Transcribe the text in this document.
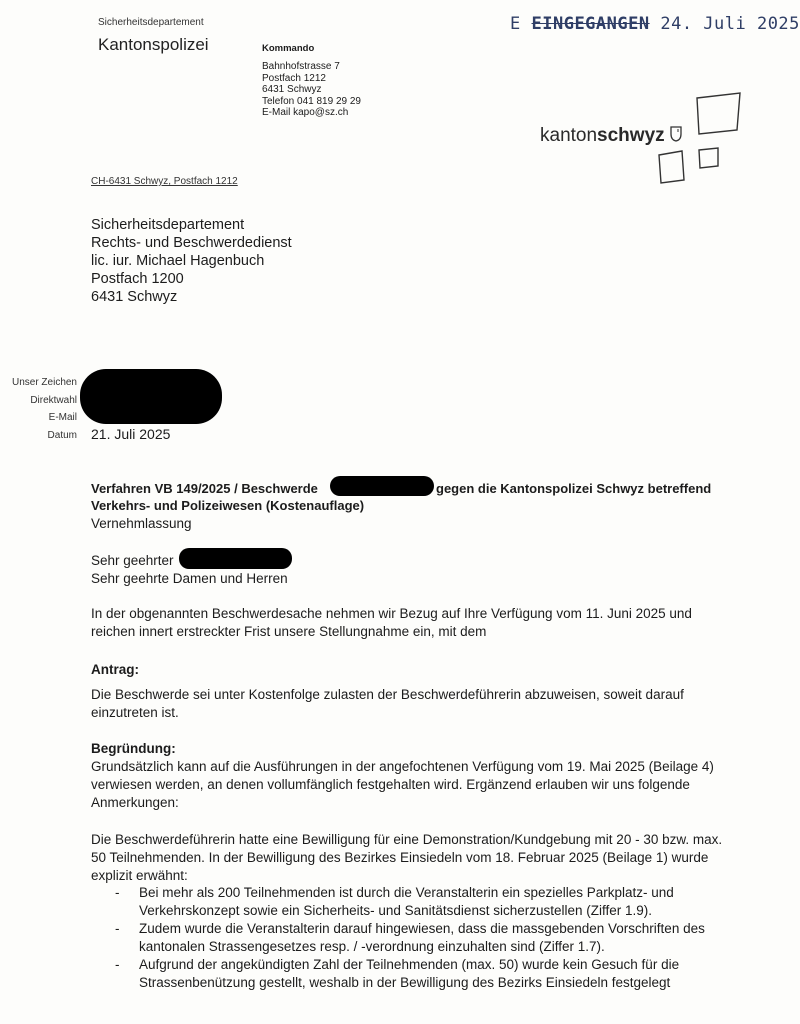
Sicherheitsdepartement
Kantonspolizei	Kommando
Bahnhofstrasse 7
Postfach 1212
6431 Schwyz
Telefon 041 819 29 29
E-Mail kapo@sz.ch
E EINGEGANGEN 24. Juli 2025
kantonschwyz
CH-6431 Schwyz, Postfach 1212
Sicherheitsdepartement
Rechts- und Beschwerdedienst
lic. iur. Michael Hagenbuch
Postfach 1200
6431 Schwyz
Unser Zeichen
Direktwahl
E-Mail
Datum 21. Juli 2025
Verfahren VB 149/2025 / Beschwerde	gegen die Kantonspolizei Schwyz betreffend
Verkehrs- und Polizeiwesen (Kostenauflage)
Vernehmlassung
Sehr geehrter
Sehr geehrte Damen und Herren
In der obgenannten Beschwerdesache nehmen wir Bezug auf Ihre Verfügung vom 11. Juni 2025 und reichen innert erstreckter Frist unsere Stellungnahme ein, mit dem
Antrag:
Die Beschwerde sei unter Kostenfolge zulasten der Beschwerdeführerin abzuweisen, soweit darauf einzutreten ist.
Begründung:
Grundsätzlich kann auf die Ausführungen in der angefochtenen Verfügung vom 19. Mai 2025 (Beilage 4) verwiesen werden, an denen vollumfänglich festgehalten wird. Ergänzend erlauben wir uns folgende Anmerkungen:
Die Beschwerdeführerin hatte eine Bewilligung für eine Demonstration/Kundgebung mit 20 - 30 bzw. max. 50 Teilnehmenden. In der Bewilligung des Bezirkes Einsiedeln vom 18. Februar 2025 (Beilage 1) wurde explizit erwähnt:
- Bei mehr als 200 Teilnehmenden ist durch die Veranstalterin ein spezielles Parkplatz- und Verkehrskonzept sowie ein Sicherheits- und Sanitätsdienst sicherzustellen (Ziffer 1.9).
- Zudem wurde die Veranstalterin darauf hingewiesen, dass die massgebenden Vorschriften des kantonalen Strassengesetzes resp. / -verordnung einzuhalten sind (Ziffer 1.7).
- Aufgrund der angekündigten Zahl der Teilnehmenden (max. 50) wurde kein Gesuch für die Strassenbenützung gestellt, weshalb in der Bewilligung des Bezirks Einsiedeln festgelegt
